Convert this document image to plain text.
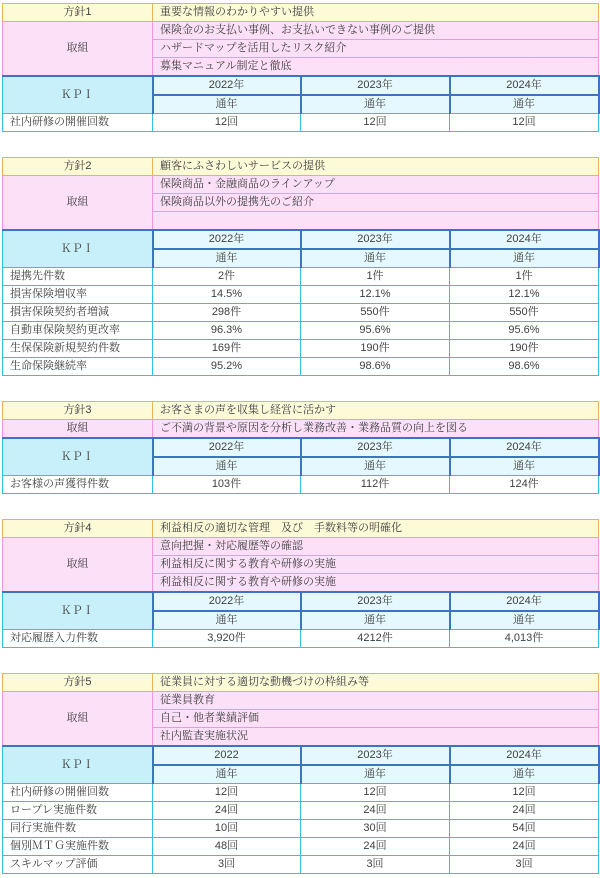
方針1	重要な情報のわかりやすい提供		
取組	保険金のお支払い事例、お支払いできない事例のご提供		
	ハザードマップを活用したリスク紹介		
	募集マニュアル制定と徹底		
ＫＰＩ	2022年	2023年	2024年
	通年	通年	通年
社内研修の開催回数	12回	12回	12回
方針2	顧客にふさわしいサービスの提供		
取組	保険商品・金融商品のラインアップ		
	保険商品以外の提携先のご紹介		

ＫＰＩ	2022年	2023年	2024年
	通年	通年	通年
提携先件数	2件	1件	1件
損害保険増収率	14.5%	12.1%	12.1%
損害保険契約者増減	298件	550件	550件
自動車保険契約更改率	96.3%	95.6%	95.6%
生保保険新規契約件数	169件	190件	190件
生命保険継続率	95.2%	98.6%	98.6%
方針3	お客さまの声を収集し経営に活かす		
取組	ご不満の背景や原因を分析し業務改善・業務品質の向上を図る		
ＫＰＩ	2022年	2023年	2024年
	通年	通年	通年
お客様の声獲得件数	103件	112件	124件
方針4	利益相反の適切な管理　及び　手数料等の明確化		
取組	意向把握・対応履歴等の確認		
	利益相反に関する教育や研修の実施		
	利益相反に関する教育や研修の実施		
ＫＰＩ	2022年	2023年	2024年
	通年	通年	通年
対応履歴入力件数	3,920件	4212件	4,013件
方針5	従業員に対する適切な動機づけの枠組み等		
取組	従業員教育		
	自己・他者業績評価		
	社内監査実施状況		
ＫＰＩ	2022	2023年	2024年
	通年	通年	通年
社内研修の開催回数	12回	12回	12回
ロープレ実施件数	24回	24回	24回
同行実施件数	10回	30回	54回
個別ＭＴＧ実施件数	48回	24回	24回
スキルマップ評価	3回	3回	3回
